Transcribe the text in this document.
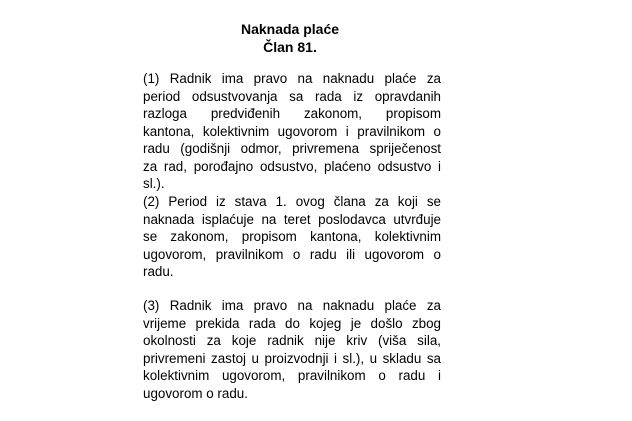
Naknada plaće
Član 81.
(1) Radnik ima pravo na naknadu plaće za
period odsustvovanja sa rada iz opravdanih
razloga predviđenih zakonom, propisom
kantona, kolektivnim ugovorom i pravilnikom o
radu (godišnji odmor, privremena spriječenost
za rad, porođajno odsustvo, plaćeno odsustvo i
sl.).
(2) Period iz stava 1. ovog člana za koji se
naknada isplaćuje na teret poslodavca utvrđuje
se zakonom, propisom kantona, kolektivnim
ugovorom, pravilnikom o radu ili ugovorom o
radu.
(3) Radnik ima pravo na naknadu plaće za
vrijeme prekida rada do kojeg je došlo zbog
okolnosti za koje radnik nije kriv (viša sila,
privremeni zastoj u proizvodnji i sl.), u skladu sa
kolektivnim ugovorom, pravilnikom o radu i
ugovorom o radu.
